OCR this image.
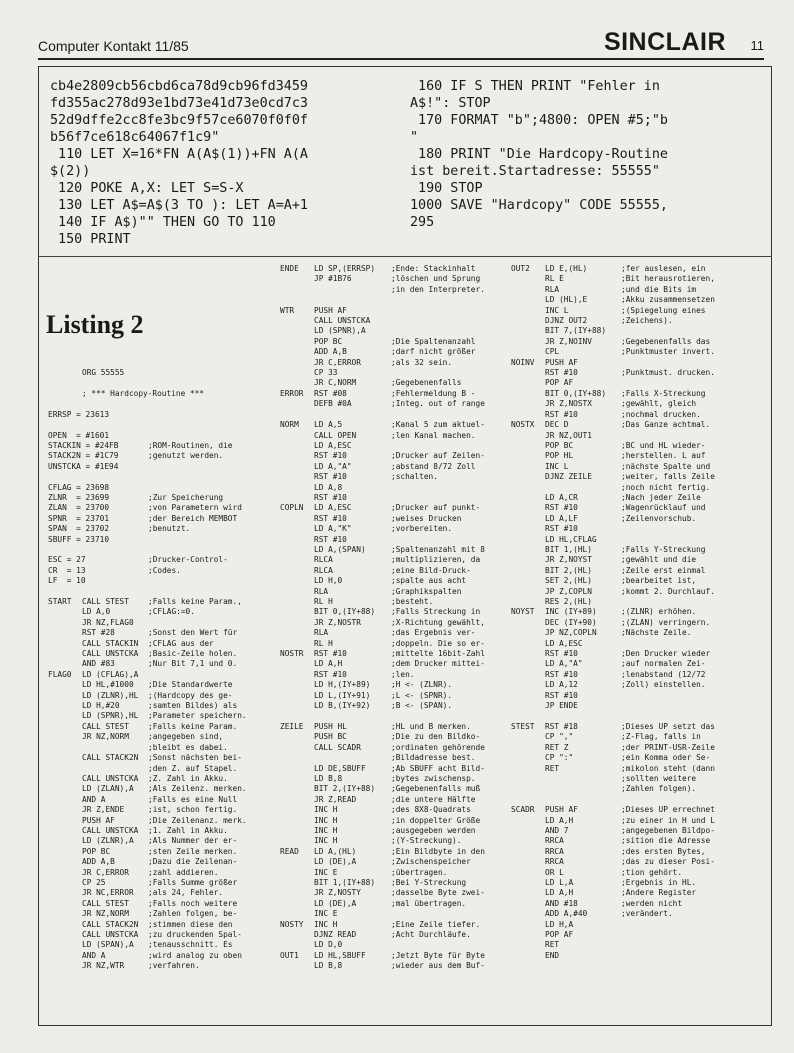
Computer Kontakt 11/85	SINCLAIR 11
cb4e2809cb56cbd6ca78d9cb96fd3459
fd355ac278d93e1bd73e41d73e0cd7c3
52d9dffe2cc8fe3bc9f57ce6070f0f0f
b56f7ce618c64067f1c9"
110 LET X=16*FN A(A$(1))+FN A(A
$(2))
120 POKE A,X: LET S=S-X
130 LET A$=A$(3 TO ): LET A=A+1
140 IF A$)"" THEN GO TO 110
150 PRINT
160 IF S THEN PRINT "Fehler in
A$!": STOP
170 FORMAT "b";4800: OPEN #5;"b
"
180 PRINT "Die Hardcopy-Routine
ist bereit.Startadresse: 55555"
190 STOP
1000 SAVE "Hardcopy" CODE 55555,
295
Listing 2
ORG 55555
; *** Hardcopy-Routine ***
ERRSP = 23613
OPEN  = #1601
STACKIN = #24FB	;ROM-Routinen, die
STACK2N = #1C79	;genutzt werden.
UNSTCKA = #1E94
CFLAG = 23698
ZLNR  = 23699	;Zur Speicherung
ZLAN  = 23700	;von Parametern wird
SPNR  = 23701	;der Bereich MEMBOT
SPAN  = 23702	;benutzt.
SBUFF = 23710
ESC = 27	;Drucker-Control-
CR  = 13	;Codes.
LF  = 10
START CALL STEST ;Falls keine Param.,
LD A,0	;CFLAG:=0.
JR NZ,FLAG0
RST #28	;Sonst den Wert für
CALL STACKIN ;CFLAG aus der
CALL UNSTCKA ;Basic-Zeile holen.
AND #83	;Nur Bit 7,1 und 0.
FLAG0 LD (CFLAG),A
LD HL,#1000 ;Die Standardwerte
LD (ZLNR),HL ;(Hardcopy des ge-
LD H,#20	;samten Bildes) als
LD (SPNR),HL ;Parameter speichern.
CALL STEST ;Falls keine Param.
JR NZ,NORM ;angegeben sind,
;bleibt es dabei.
CALL STACK2N ;Sonst nächsten bei-
;den Z. auf Stapel.
CALL UNSTCKA ;Z. Zahl in Akku.
LD (ZLAN),A ;Als Zeilenz. merken.
AND A	;Falls es eine Null
JR Z,ENDE	;ist, schon fertig.
PUSH AF	;Die Zeilenanz. merk.
CALL UNSTCKA ;1. Zahl in Akku.
LD (ZLNR),A ;Als Nummer der er-
POP BC	;sten Zeile merken.
ADD A,B	;Dazu die Zeilenan-
JR C,ERROR ;zahl addieren.
CP 25	;Falls Summe größer
JR NC,ERROR ;als 24, Fehler.
CALL STEST ;Falls noch weitere
JR NZ,NORM ;Zahlen folgen, be-
CALL STACK2N ;stimmen diese den
CALL UNSTCKA ;zu druckenden Spal-
LD (SPAN),A ;tenausschnitt. Es
AND A	;wird analog zu oben
JR NZ,WTR	;verfahren.
ENDE LD SP,(ERRSP) ;Ende: Stackinhalt
JP #1B76	;löschen und Sprung
;in den Interpreter.
WTR	PUSH AF
CALL UNSTCKA
LD (SPNR),A
POP BC	;Die Spaltenanzahl
ADD A,B	;darf nicht größer
JR C,ERROR	;als 32 sein.
CP 33
JR C,NORM	;Gegebenenfalls
ERROR RST #08	;Fehlermeldung B -
DEFB #0A	;Integ. out of range
NORM LD A,5	;Kanal 5 zum aktuel-
CALL OPEN	;len Kanal machen.
LD A,ESC
RST #10	;Drucker auf Zeilen-
LD A,"A"	;abstand 8/72 Zoll
RST #10	;schalten.
LD A,8
RST #10
COPLN LD A,ESC	;Drucker auf punkt-
RST #10	;weises Drucken
LD A,"K"	;vorbereiten.
RST #10
LD A,(SPAN)	;Spaltenanzahl mit 8
RLCA	;multiplizieren, da
RLCA	;eine Bild-Druck-
LD H,0	;spalte aus acht
RLA	;Graphikspalten
RL H	;besteht.
BIT 0,(IY+88) ;Falls Streckung in
JR Z,NOSTR	;X-Richtung gewählt,
RLA	;das Ergebnis ver-
RL H	;doppeln. Die so er-
NOSTR RST #10	;mittelte 16bit-Zahl
LD A,H	;dem Drucker mittei-
RST #10	;len.
LD H,(IY+89)	;H <- (ZLNR).
LD L,(IY+91)	;L <- (SPNR).
LD B,(IY+92)	;B <- (SPAN).
ZEILE PUSH HL	;HL und B merken.
PUSH BC	;Die zu den Bildko-
CALL SCADR	;ordinaten gehörende
;Bildadresse best.
LD DE,SBUFF	;Ab SBUFF acht Bild-
LD B,8	;bytes zwischensp.
BIT 2,(IY+88) ;Gegebenenfalls muß
JR Z,READ	;die untere Hälfte
INC H	;des 8X8-Quadrats
INC H	;in doppelter Größe
INC H	;ausgegeben werden
INC H	;(Y-Streckung).
READ LD A,(HL)	;Ein Bildbyte in den
LD (DE),A	;Zwischenspeicher
INC E	;übertragen.
BIT 1,(IY+88) ;Bei Y-Streckung
JR Z,NOSTY	;dasselbe Byte zwei-
LD (DE),A	;mal übertragen.
INC E
NOSTY INC H	;Eine Zeile tiefer.
DJNZ READ	;Acht Durchläufe.
LD D,0
OUT1 LD HL,SBUFF	;Jetzt Byte für Byte
LD B,8	;wieder aus dem Buf-
OUT2 LD E,(HL)	;fer auslesen, ein
RL E	;Bit herausrotieren,
RLA	;und die Bits im
LD (HL),E	;Akku zusammensetzen
INC L	;(Spiegelung eines
DJNZ OUT2	;Zeichens).
BIT 7,(IY+88)
JR Z,NOINV	;Gegebenenfalls das
CPL	;Punktmuster invert.
NOINV PUSH AF
RST #10	;Punktmust. drucken.
POP AF
BIT 0,(IY+88) ;Falls X-Streckung
JR Z,NOSTX	;gewählt, gleich
RST #10	;nochmal drucken.
NOSTX DEC D	;Das Ganze achtmal.
JR NZ,OUT1
POP BC	;BC und HL wieder-
POP HL	;herstellen. L auf
INC L	;nächste Spalte und
DJNZ ZEILE	;weiter, falls Zeile
;noch nicht fertig.
LD A,CR	;Nach jeder Zeile
RST #10	;Wagenrücklauf und
LD A,LF	;Zeilenvorschub.
RST #10
LD HL,CFLAG
BIT 1,(HL)	;Falls Y-Streckung
JR Z,NOYST	;gewählt und die
BIT 2,(HL)	;Zeile erst einmal
SET 2,(HL)	;bearbeitet ist,
JP Z,COPLN	;kommt 2. Durchlauf.
RES 2,(HL)
NOYST INC (IY+89)	;(ZLNR) erhöhen.
DEC (IY+90)	;(ZLAN) verringern.
JP NZ,COPLN	;Nächste Zeile.
LD A,ESC
RST #10	;Den Drucker wieder
LD A,"A"	;auf normalen Zei-
RST #10	;lenabstand (12/72
LD A,12	;Zoll) einstellen.
RST #10
JP ENDE
STEST RST #18	;Dieses UP setzt das
CP ","	;Z-Flag, falls in
RET Z	;der PRINT-USR-Zeile
CP ":"	;ein Komma oder Se-
RET	;mikolon steht (dann
;sollten weitere
;Zahlen folgen).
SCADR PUSH AF	;Dieses UP errechnet
LD A,H	;zu einer in H und L
AND 7	;angegebenen Bildpo-
RRCA	;sition die Adresse
RRCA	;des ersten Bytes,
RRCA	;das zu dieser Posi-
OR L	;tion gehört.
LD L,A	;Ergebnis in HL.
LD A,H	;Andere Register
AND #18	;werden nicht
ADD A,#40	;verändert.
LD H,A
POP AF
RET
END
